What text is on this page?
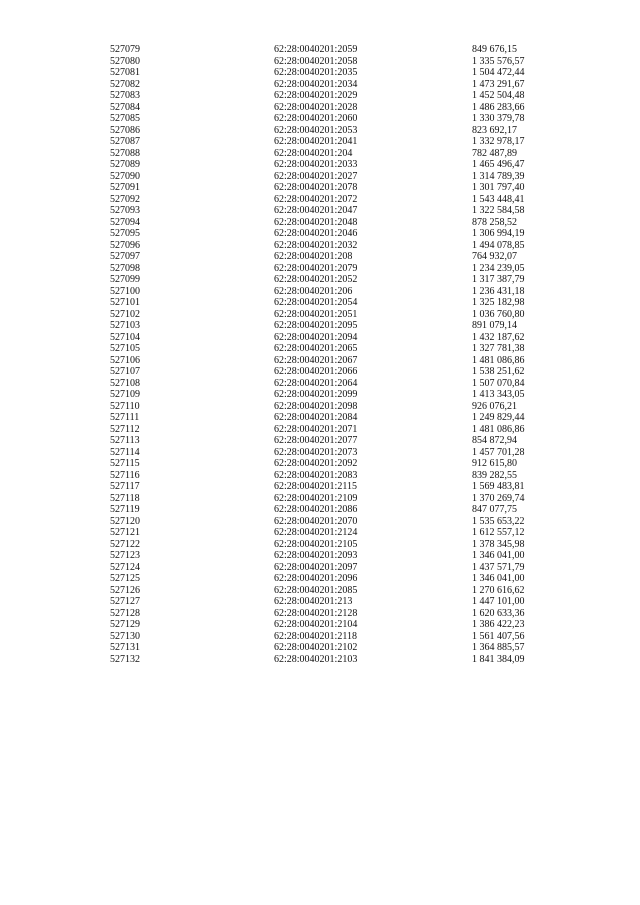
527079	62:28:0040201:2059	849 676,15
527080	62:28:0040201:2058	1 335 576,57
527081	62:28:0040201:2035	1 504 472,44
527082	62:28:0040201:2034	1 473 291,67
527083	62:28:0040201:2029	1 452 504,48
527084	62:28:0040201:2028	1 486 283,66
527085	62:28:0040201:2060	1 330 379,78
527086	62:28:0040201:2053	823 692,17
527087	62:28:0040201:2041	1 332 978,17
527088	62:28:0040201:204	782 487,89
527089	62:28:0040201:2033	1 465 496,47
527090	62:28:0040201:2027	1 314 789,39
527091	62:28:0040201:2078	1 301 797,40
527092	62:28:0040201:2072	1 543 448,41
527093	62:28:0040201:2047	1 322 584,58
527094	62:28:0040201:2048	878 258,52
527095	62:28:0040201:2046	1 306 994,19
527096	62:28:0040201:2032	1 494 078,85
527097	62:28:0040201:208	764 932,07
527098	62:28:0040201:2079	1 234 239,05
527099	62:28:0040201:2052	1 317 387,79
527100	62:28:0040201:206	1 236 431,18
527101	62:28:0040201:2054	1 325 182,98
527102	62:28:0040201:2051	1 036 760,80
527103	62:28:0040201:2095	891 079,14
527104	62:28:0040201:2094	1 432 187,62
527105	62:28:0040201:2065	1 327 781,38
527106	62:28:0040201:2067	1 481 086,86
527107	62:28:0040201:2066	1 538 251,62
527108	62:28:0040201:2064	1 507 070,84
527109	62:28:0040201:2099	1 413 343,05
527110	62:28:0040201:2098	926 076,21
527111	62:28:0040201:2084	1 249 829,44
527112	62:28:0040201:2071	1 481 086,86
527113	62:28:0040201:2077	854 872,94
527114	62:28:0040201:2073	1 457 701,28
527115	62:28:0040201:2092	912 615,80
527116	62:28:0040201:2083	839 282,55
527117	62:28:0040201:2115	1 569 483,81
527118	62:28:0040201:2109	1 370 269,74
527119	62:28:0040201:2086	847 077,75
527120	62:28:0040201:2070	1 535 653,22
527121	62:28:0040201:2124	1 612 557,12
527122	62:28:0040201:2105	1 378 345,98
527123	62:28:0040201:2093	1 346 041,00
527124	62:28:0040201:2097	1 437 571,79
527125	62:28:0040201:2096	1 346 041,00
527126	62:28:0040201:2085	1 270 616,62
527127	62:28:0040201:213	1 447 101,00
527128	62:28:0040201:2128	1 620 633,36
527129	62:28:0040201:2104	1 386 422,23
527130	62:28:0040201:2118	1 561 407,56
527131	62:28:0040201:2102	1 364 885,57
527132	62:28:0040201:2103	1 841 384,09
